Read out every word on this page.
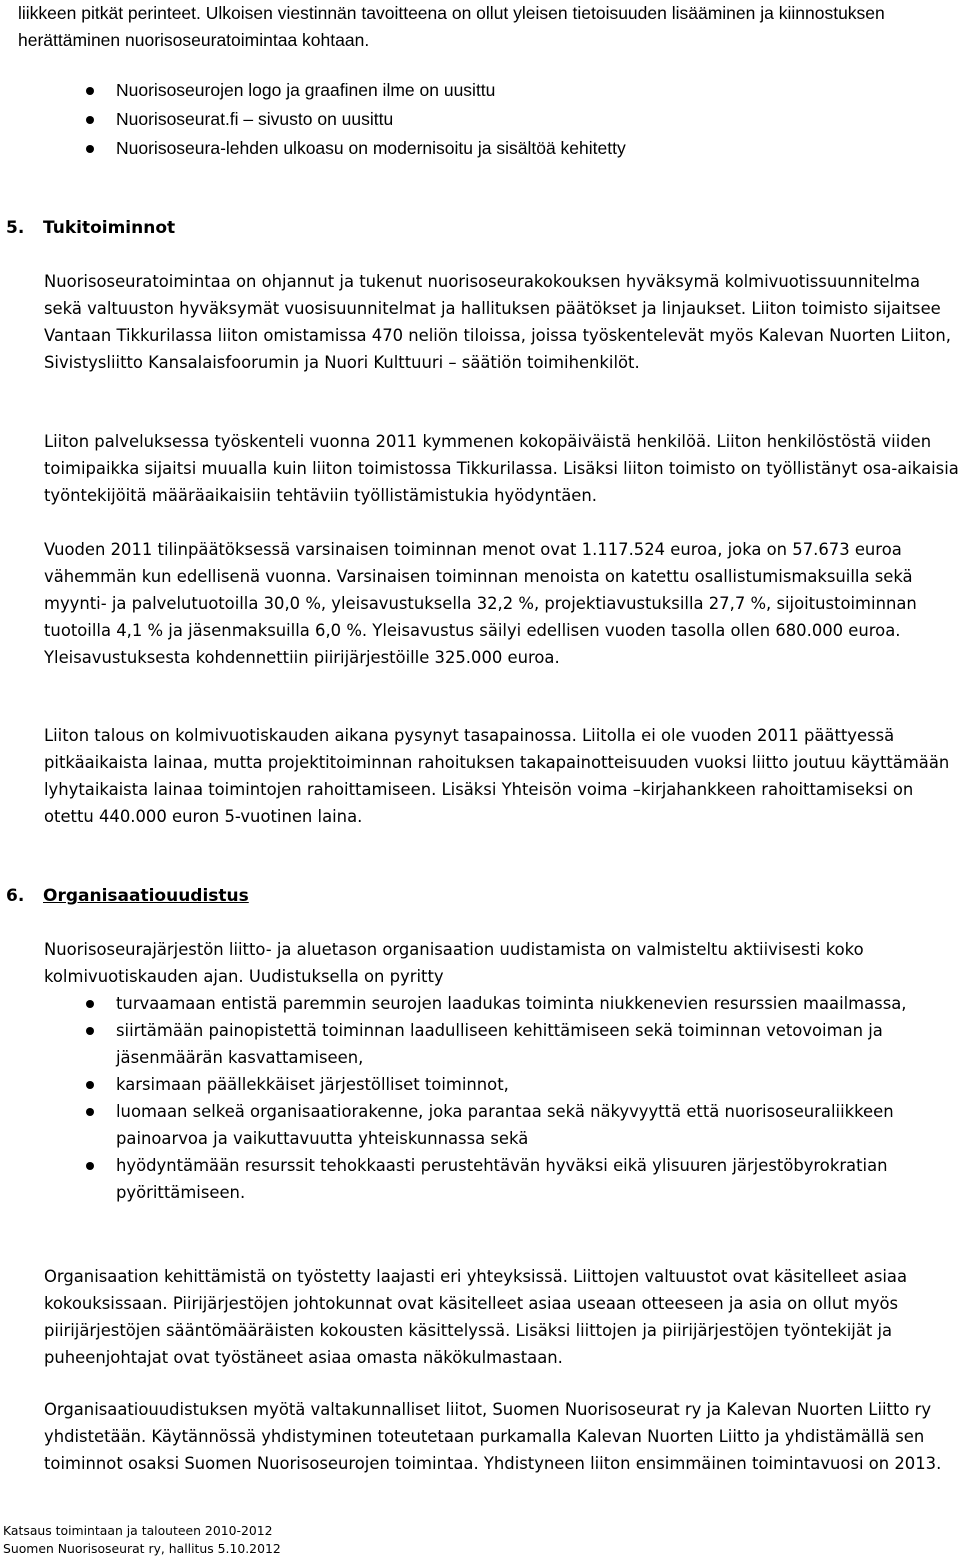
liikkeen pitkät perinteet. Ulkoisen viestinnän tavoitteena on ollut yleisen tietoisuuden lisääminen ja kiinnostuksen herättäminen nuorisoseuratoimintaa kohtaan.

Nuorisoseurojen logo ja graafinen ilme on uusittu
Nuorisoseurat.fi – sivusto on uusittu
Nuorisoseura-lehden ulkoasu on modernisoitu ja sisältöä kehitetty
5. Tukitoiminnot

Nuorisoseuratoimintaa on ohjannut ja tukenut nuorisoseurakokouksen hyväksymä kolmivuotissuunnitelma sekä valtuuston hyväksymät vuosisuunnitelmat ja hallituksen päätökset ja linjaukset. Liiton toimisto sijaitsee Vantaan Tikkurilassa liiton omistamissa 470 neliön tiloissa, joissa työskentelevät myös Kalevan Nuorten Liiton, Sivistysliitto Kansalaisfoorumin ja Nuori Kulttuuri – säätiön toimihenkilöt.

Liiton palveluksessa työskenteli vuonna 2011 kymmenen kokopäiväistä henkilöä. Liiton henkilöstöstä viiden toimipaikka sijaitsi muualla kuin liiton toimistossa Tikkurilassa. Lisäksi liiton toimisto on työllistänyt osa-aikaisia työntekijöitä määräaikaisiin tehtäviin työllistämistukia hyödyntäen.

Vuoden 2011 tilinpäätöksessä varsinaisen toiminnan menot ovat 1.117.524 euroa, joka on 57.673 euroa vähemmän kun edellisenä vuonna. Varsinaisen toiminnan menoista on katettu osallistumismaksuilla sekä myynti- ja palvelutuotoilla 30,0 %, yleisavustuksella 32,2 %, projektiavustuksilla 27,7 %, sijoitustoiminnan tuotoilla 4,1 % ja jäsenmaksuilla 6,0 %. Yleisavustus säilyi edellisen vuoden tasolla ollen 680.000 euroa. Yleisavustuksesta kohdennettiin piirijärjestöille 325.000 euroa.

Liiton talous on kolmivuotiskauden aikana pysynyt tasapainossa. Liitolla ei ole vuoden 2011 päättyessä pitkäaikaista lainaa, mutta projektitoiminnan rahoituksen takapainotteisuuden vuoksi liitto joutuu käyttämään lyhytaikaista lainaa toimintojen rahoittamiseen. Lisäksi Yhteisön voima –kirjahankkeen rahoittamiseksi on otettu 440.000 euron 5-vuotinen laina.

6. Organisaatiouudistus

Nuorisoseurajärjestön liitto- ja aluetason organisaation uudistamista on valmisteltu aktiivisesti koko kolmivuotiskauden ajan. Uudistuksella on pyritty

turvaamaan entistä paremmin seurojen laadukas toiminta niukkenevien resurssien maailmassa,
siirtämään painopistettä toiminnan laadulliseen kehittämiseen sekä toiminnan vetovoiman ja jäsenmäärän kasvattamiseen,
karsimaan päällekkäiset järjestölliset toiminnot,
luomaan selkeä organisaatiorakenne, joka parantaa sekä näkyvyyttä että nuorisoseuraliikkeen painoarvoa ja vaikuttavuutta yhteiskunnassa sekä
hyödyntämään resurssit tehokkaasti perustehtävän hyväksi eikä ylisuuren järjestöbyrokratian pyörittämiseen.

Organisaation kehittämistä on työstetty laajasti eri yhteyksissä. Liittojen valtuustot ovat käsitelleet asiaa kokouksissaan. Piirijärjestöjen johtokunnat ovat käsitelleet asiaa useaan otteeseen ja asia on ollut myös piirijärjestöjen sääntömääräisten kokousten käsittelyssä. Lisäksi liittojen ja piirijärjestöjen työntekijät ja puheenjohtajat ovat työstäneet asiaa omasta näkökulmastaan.

Organisaatiouudistuksen myötä valtakunnalliset liitot, Suomen Nuorisoseurat ry ja Kalevan Nuorten Liitto ry yhdistetään. Käytännössä yhdistyminen toteutetaan purkamalla Kalevan Nuorten Liitto ja yhdistämällä sen toiminnot osaksi Suomen Nuorisoseurojen toimintaa. Yhdistyneen liiton ensimmäinen toimintavuosi on 2013.

Katsaus toimintaan ja talouteen 2010-2012
Suomen Nuorisoseurat ry, hallitus 5.10.2012
